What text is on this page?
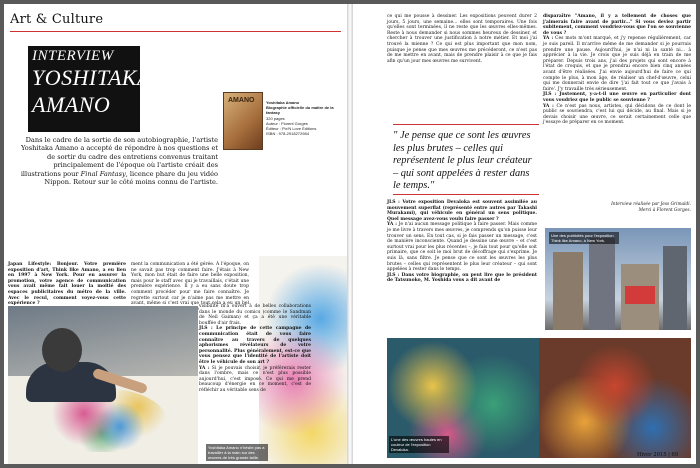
Art & Culture
INTERVIEW
YOSHITAKA
AMANO
Dans le cadre de la sortie de son autobiographie, l'artiste Yoshitaka Amano a accepté de répondre à nos questions et de sortir du cadre des entretiens convenus traitant principalement de l'époque où l'artiste créait des illustrations pour Final Fantasy, licence phare du jeu vidéo Nippon. Retour sur le côté moins connu de l'artiste.
AMANO	Yoshitaka Amano
Biographie officielle du maître de la fantasy
320 pages
Auteur : Florent Gorges
Éditeur : Pix'N Love Éditions
ISBN : 978-2918272984
Japan Lifestyle: Bonjour. Votre première exposition d'art, Think like Amano, a eu lieu en 1997 à New York. Pour en assurer la promotion, votre agence de communication vous avait même fait louer la moitié des espaces publicitaires du métro de la ville. Avec le recul, comment voyez-vous cette expérience ?

ment la communication a été gérée. À l'époque, on ne savait pas trop comment faire. J'étais à New York, mon but était de faire une belle exposition, mais pour le staff avec qui je travaillais, c'était une première expérience. Il y a eu sans doute trop comment procéder pour me faire connaître. Je regrette surtout car je n'aime pas me mettre en avant, même si c'est vrai que tout cela a eu un bel
visibilité m'a ouvert à de belles collaborations dans le monde du comics (comme le Sandman de Neil Gaiman) et ça a été une véritable bouffée d'air frais.
JLS : Le principe de cette campagne de communication était de vous faire connaître au travers de quelques aphorismes révélateurs de votre personnalité. Plus généralement, est-ce que vous pensez que l'identité de l'artiste doit être le véhicule de son art ?
YA : Si je pouvais choisir, je préférerais rester dans l'ombre, mais ce n'est plus possible aujourd'hui, c'est imposé. Ce qui me prend beaucoup d'énergie en ce moment, c'est de réfléchir au véritable sens de
Yoshitaka Amano n'hésite pas à travailler à la main sur des œuvres de très grande taille.
ce qui me pousse à dessiner. Les expositions peuvent durer 2 jours, 5 jours, une semaine... elles sont temporaires. Une fois qu'elles sont terminées, il ne reste que les œuvres elles-mêmes. Reste à nous demander si nous sommes heureux de dessiner, et chercher à trouver une justification à notre métier. Et moi j'ai trouvé la mienne ? Ce qui est plus important que mon nom, puisque je pense que mes œuvres me précéderont, ce n'est pas de me mettre en avant, mais de prendre plaisir à ce que je fais afin qu'un jour mes œuvres me survivent.
" Je pense que ce sont les œuvres les plus brutes – celles qui représentent le plus leur créateur – qui sont appelées à rester dans le temps."
JLS : Votre exposition Devaloka est souvent assimilée au mouvement superflat (représenté entre autres par Takashi Murakami), qui véhicule en général un sens politique. Quel message avez-vous voulu faire passer ?
YA : Je n'ai aucun message politique à faire passer. Mais comme je me livre à travers mes œuvres, je comprends qu'on puisse leur trouver un sens. En tout cas, si je fais passer un message, c'est de manière inconsciente. Quand je dessine une œuvre – et c'est surtout vrai pour les plus récentes –, je fais tout pour qu'elle soit primaire, que ce soit le moi brut de décoffrage qui s'exprime. Je suis là, sans filtre. Je pense que ce sont les œuvres les plus brutes – celles qui représentent le plus leur créateur – qui sont appelées à rester dans le temps.
JLS : Dans votre biographie, on peut lire que le président de Tatsunoko, M. Yoshida vous a dit avant de
disparaître "Amano, il y a tellement de choses que j'aimerais faire avant de partir..." Si vous deviez partir subitement, comment voudriez-vous que l'on se souvienne de vous ?
YA : Ces mots m'ont marqué, et j'y repense régulièrement, car je suis pareil. Il m'arrive même de me demander si je pourrais prendre une pause. Aujourd'hui, je n'ai ni la santé ni... à apprécier à la vie. Je crois que je suis déjà en train de me préparer. Depuis trois ans, j'ai des projets qui sont encore à l'état de croquis, et que je prendrai encore bien cinq années avant d'être réalisées. J'ai envie aujourd'hui de faire ce qui compte le plus, à mon âge, de réaliser un chef-d'œuvre, celui qui me donnerait envie de dire 'j'ai fait tout ce que j'avais à faire'. J'y travaille très sérieusement.
JLS : Justement, y-a-t-il une œuvre en particulier dont vous voudriez que le public se souvienne ?
YA : Ce n'est pas nous, artistes, qui décidons de ce dont le public se souviendra, c'est lui qui décide, au final. Mais si je devais choisir une œuvre, ce serait certainement celle que j'essaye de préparer en ce moment.
Interview réalisée par Jess Grimaldi.
Merci à Florent Gorges.
Une des publicités pour l'exposition Think like Amano, à New York.
L'une des œuvres hautes en couleur de l'exposition Devaloka.
Hiver 2015 | 69
